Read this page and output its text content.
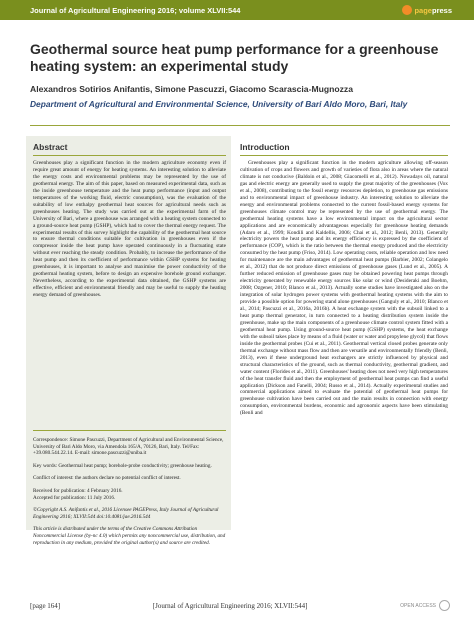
Journal of Agricultural Engineering 2016; volume XLVII:544	pagepress
Geothermal source heat pump performance for a greenhouse heating system: an experimental study

Alexandros Sotirios Anifantis, Simone Pascuzzi, Giacomo Scarascia-Mugnozza

Department of Agricultural and Environmental Science, University of Bari Aldo Moro, Bari, Italy

Abstract

Greenhouses play a significant function in the modern agriculture economy even if require great amount of energy for heating systems. An interesting solution to alleviate the energy costs and environmental problems may be represented by the use of geothermal energy. The aim of this paper, based on measured experimental data, such as the inside greenhouse temperature and the heat pump performance (input and output temperatures of the working fluid, electric consumption), was the evaluation of the suitability of low enthalpy geothermal heat sources for agricultural needs such as greenhouses heating. The study was carried out at the experimental farm of the University of Bari, where a greenhouse was arranged with a heating system connected to a ground-source heat pump (GSHP), which had to cover the thermal energy request. The experimental results of this survey highlight the capability of the geothermal heat source to ensure thermal conditions suitable for cultivation in greenhouses even if the compressor inside the heat pump have operated continuously in a fluctuating state without ever reaching the steady condition. Probably, to increase the performance of the heat pump and then its coefficient of performance within GSHP systems for heating greenhouses, it is important to analyse and maximise the power conductivity of the geothermal heating system, before to design an expensive borehole ground exchanger. Nevertheless, according to the experimental data obtained, the GSHP systems are effective, efficient and environmental friendly and may be useful to supply the heating energy demand of greenhouses.

Correspondence: Simone Pascuzzi, Department of Agricultural and Environmental Science, University of Bari Aldo Moro, via Amendola 165/A, 70126, Bari, Italy. Tel/Fax: +39.080.544.22.14. E-mail: simone.pascuzzi@uniba.it

Key words: Geothermal heat pump; borehole-probe conductivity; greenhouse heating.

Conflict of interest: the authors declare no potential conflict of interest.

Received for publication: 4 February 2016.

Accepted for publication: 11 July 2016.

©Copyright A.S. Anifantis et al., 2016 Licensee PAGEPress, Italy Journal of Agricultural Engineering 2016; XLVII:544 doi:10.4081/jae.2016.544

This article is distributed under the terms of the Creative Commons Attribution Noncommercial License (by-nc 4.0) which permits any noncommercial use, distribution, and reproduction in any medium, provided the original author(s) and source are credited.

Introduction

Greenhouses play a significant function in the modern agriculture allowing off-season cultivation of crops and flowers and growth of varieties of flora also in areas where the natural climate is not conducive (Baldoin et al., 2008; Giacomelli et al., 2012). Nowadays oil, natural gas and electric energy are generally used to supply the great majority of the greenhouses (Vox et al., 2008), contributing to the fossil energy resources depletion, to greenhouse gas emissions and to environmental impact of greenhouse industry. An interesting solution to alleviate the energy and environmental problems connected to the current fossil-based energy systems for greenhouses climate control may be represented by the use of geothermal energy. The geothermal heating systems have a low environmental impact on the agricultural sector applications and are economically advantageous especially for greenhouse heating demands (Adaro et al., 1999; Kondili and Kaldellis, 2006; Chai et al., 2012; Benli, 2013). Generally electricity powers the heat pump and its energy efficiency is expressed by the coefficient of performance (COP), which is the ratio between the thermal energy produced and the electricity consumed by the heat pump (Friso, 2014). Low operating costs, reliable operation and low need for maintenance are the main advantages of geothermal heat pumps (Barbier, 2002; Colangelo et al., 2012) that do not produce direct emissions of greenhouse gases (Lund et al., 2005). A further reduced emission of greenhouse gases may be obtained powering heat pumps through electricity generated by renewable energy sources like solar or wind (Desideraki and Boehm, 2008; Ozgener, 2010; Blanco et al., 2013). Actually some studies have investigated also on the integration of solar hydrogen power systems with geothermal heating systems with the aim to provide a possible option for powering stand alone greenhouses (Ganguly et al., 2010; Blanco et al., 2014; Pascuzzi et al., 2016a, 2016b). A heat exchange system with the subsoil linked to a heat pump thermal generator, in turn connected to a heating distribution system inside the greenhouse, make up the main components of a greenhouse climate control system fitted with a geothermal heat pump. Using ground-source heat pump (GSHP) systems, the heat exchange with the subsoil takes place by means of a fluid (water or water and propylene glycol) that flows inside the geothermal probes (Cui et al., 2011). Geothermal vertical closed probes generate only thermal exchange without mass flow and then are versatile and environmentally friendly (Benli, 2013), even if these underground heat exchangers are strictly influenced by physical and structural characteristics of the ground, such as thermal conductivity, geothermal gradient, and water content (Florides et al., 2011). Greenhouses' heating does not need very high temperatures of the heat transfer fluid and then the employment of geothermal heat pumps can find a useful application (Dickson and Fanelli, 2004; Russo et al., 2014). Actually experimental studies and commercial applications aimed to evaluate the potential of geothermal heat pumps for greenhouse cultivation have been carried out and the main results in connection with energy consumption, environmental burdens, economic and agronomic aspects have been stimulating (Benli and

[page 164]	[Journal of Agricultural Engineering 2016; XLVII:544]	OPEN ACCESS
